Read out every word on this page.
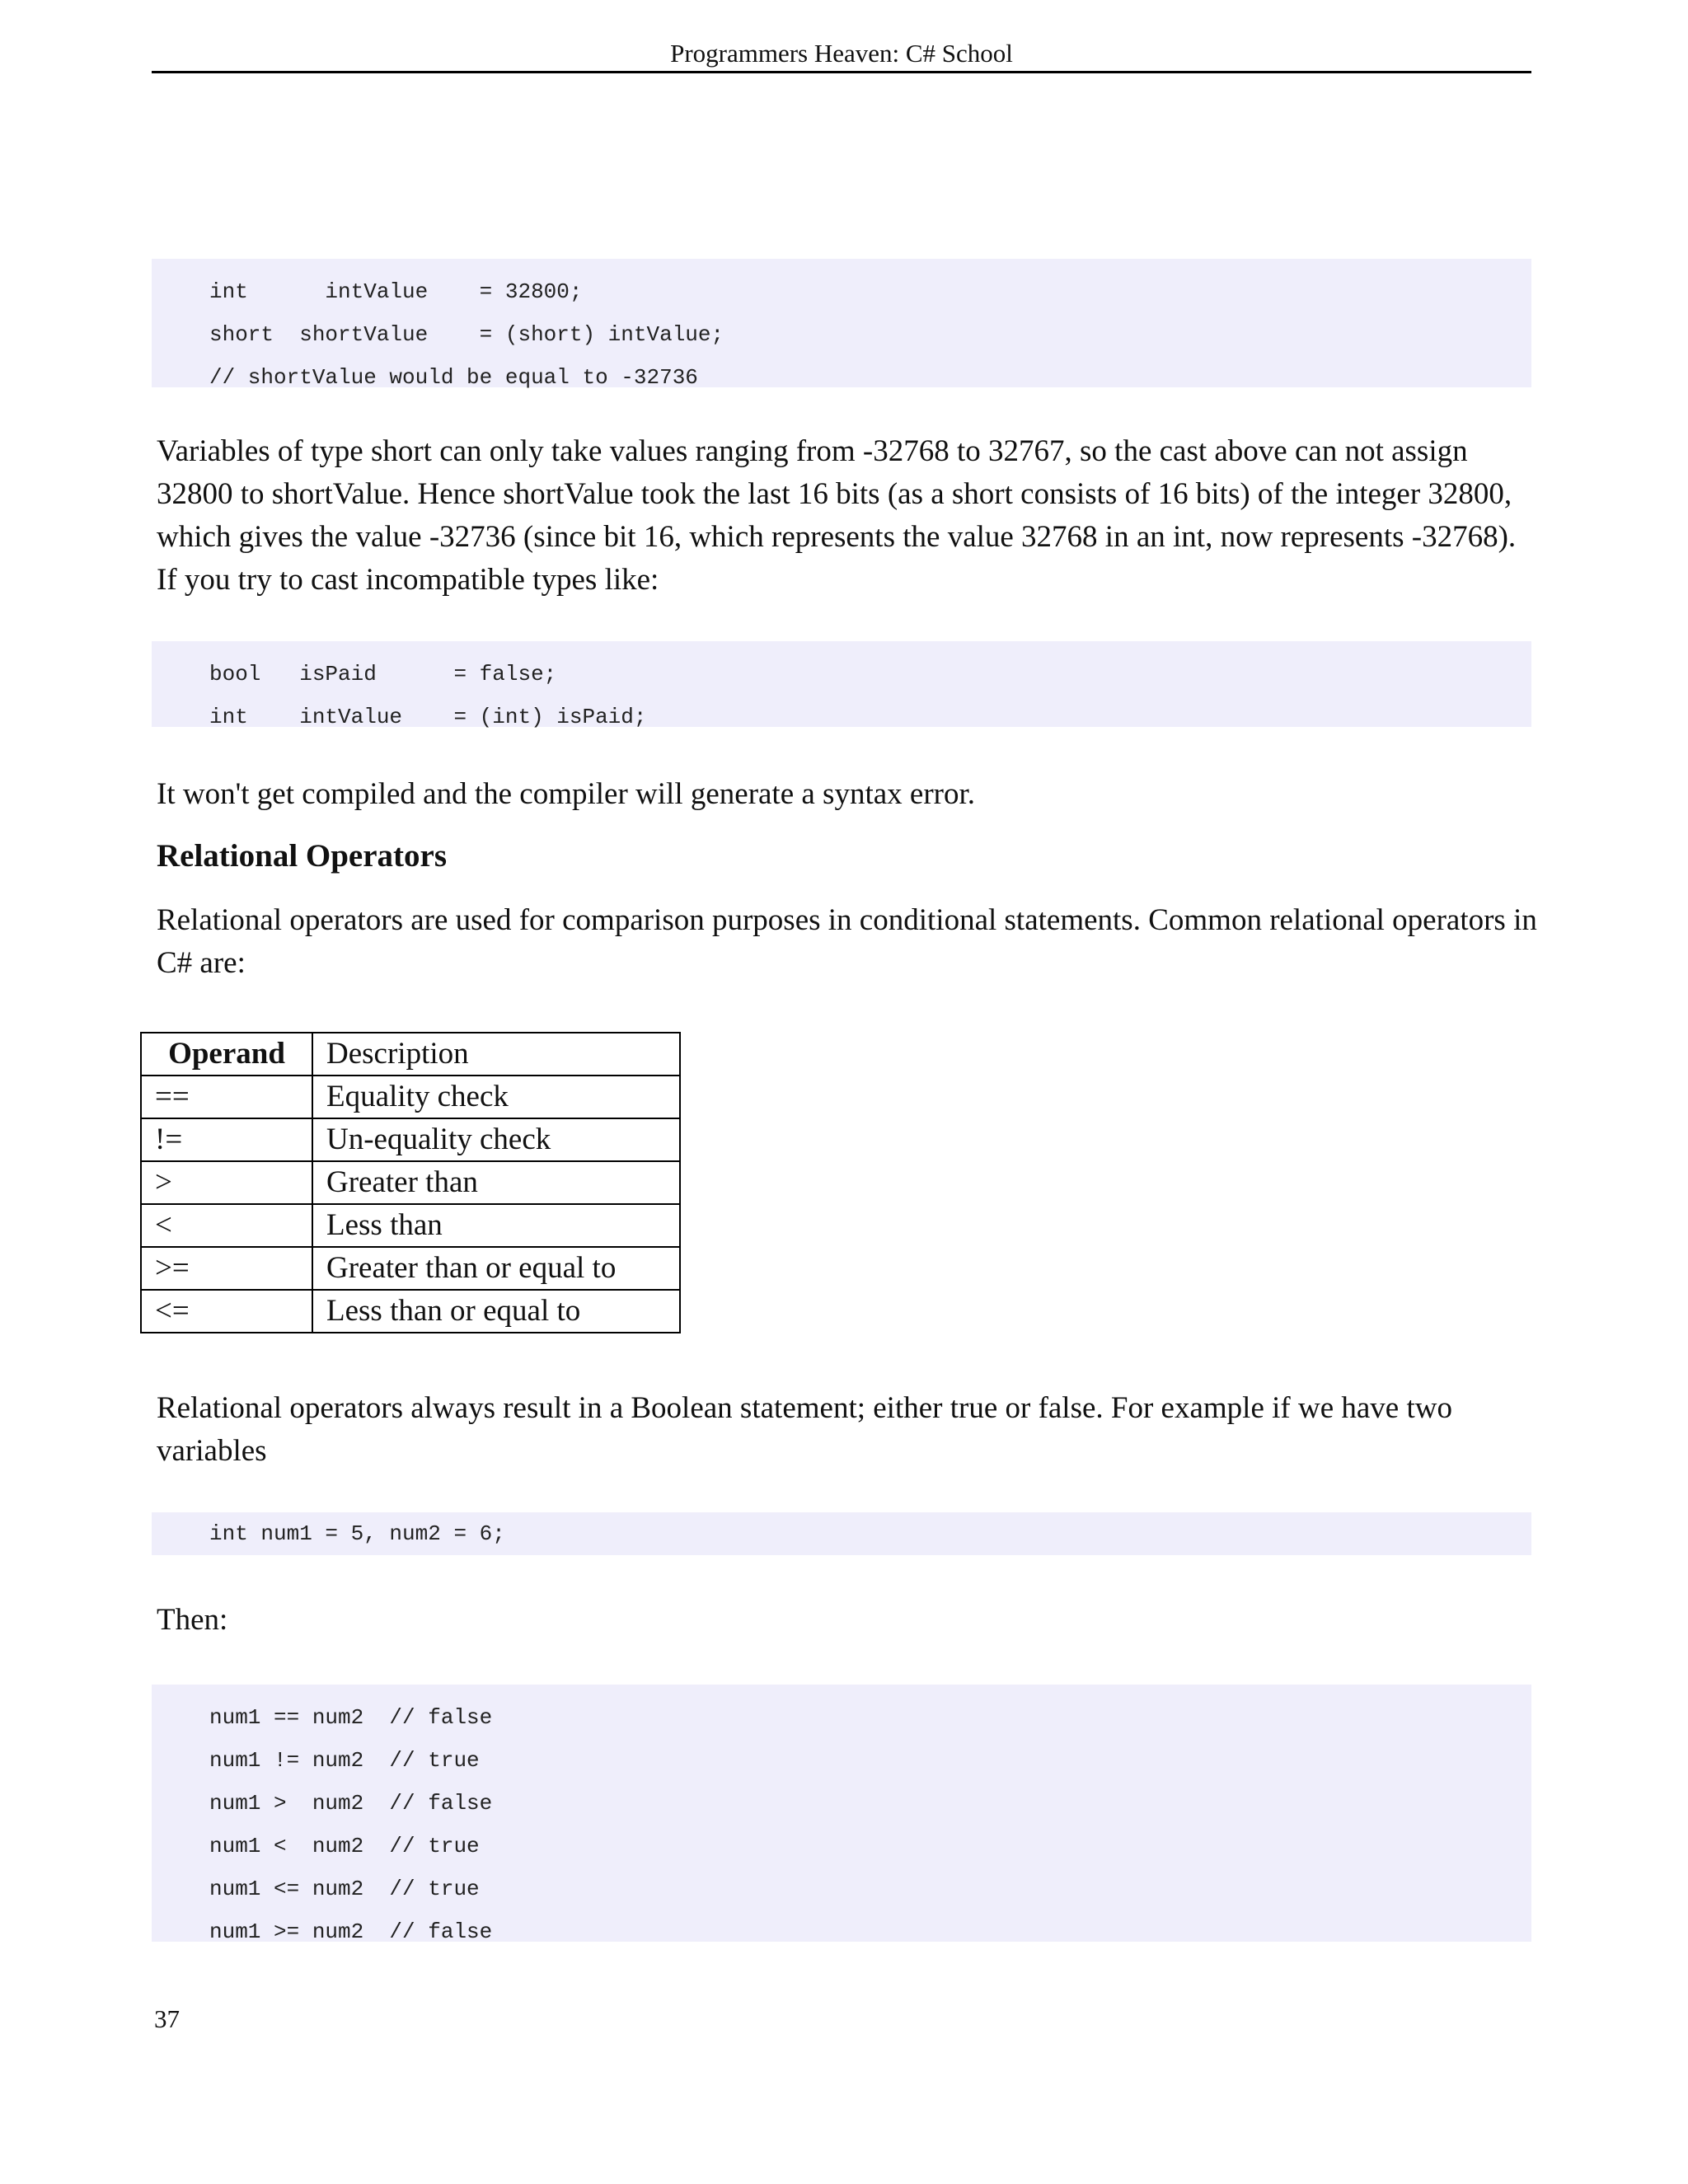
Programmers Heaven: C# School
int      intValue    = 32800;
short  shortValue    = (short) intValue;
// shortValue would be equal to -32736

Variables of type short can only take values ranging from -32768 to 32767, so the cast above can not assign 32800 to shortValue. Hence shortValue took the last 16 bits (as a short consists of 16 bits) of the integer 32800, which gives the value -32736 (since bit 16, which represents the value 32768 in an int, now represents -32768). If you try to cast incompatible types like:

bool   isPaid      = false;
int    intValue    = (int) isPaid;

It won't get compiled and the compiler will generate a syntax error.

Relational Operators

Relational operators are used for comparison purposes in conditional statements. Common relational operators in C# are:

Operand	Description
==	Equality check
!=	Un-equality check
>	Greater than
<	Less than
>=	Greater than or equal to
<=	Less than or equal to

Relational operators always result in a Boolean statement; either true or false. For example if we have two variables

int num1 = 5, num2 = 6;

Then:

num1 == num2  // false
num1 != num2  // true
num1 >  num2  // false
num1 <  num2  // true
num1 <= num2  // true
num1 >= num2  // false
37
